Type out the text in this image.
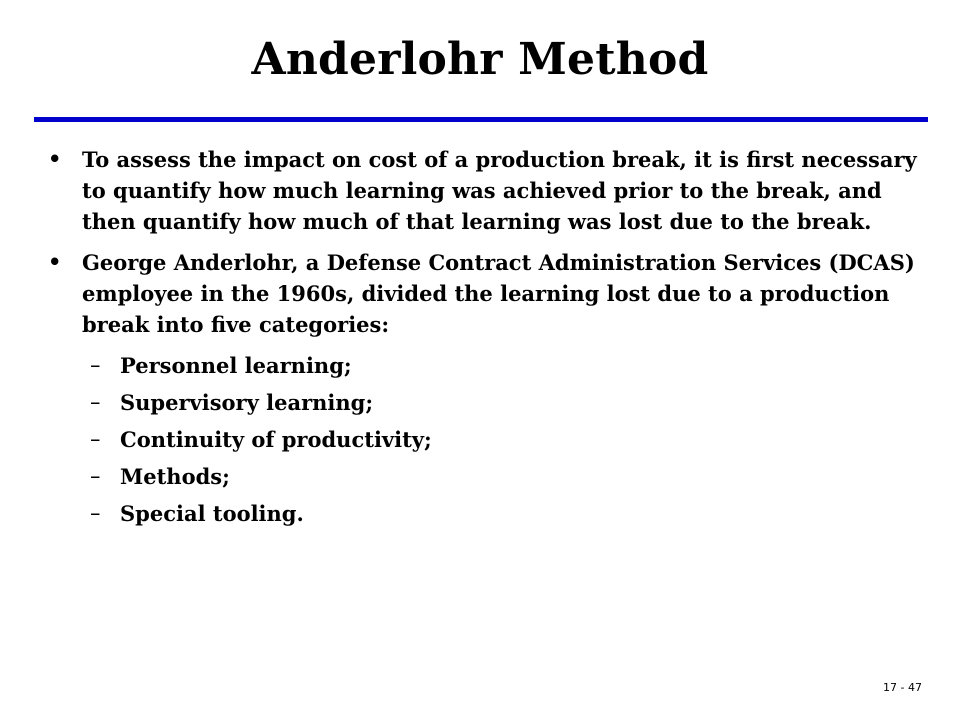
Anderlohr Method
• To assess the impact on cost of a production break, it is first necessary to quantify how much learning was achieved prior to the break, and then quantify how much of that learning was lost due to the break.
• George Anderlohr, a Defense Contract Administration Services (DCAS) employee in the 1960s, divided the learning lost due to a production break into five categories:
– Personnel learning;
– Supervisory learning;
– Continuity of productivity;
– Methods;
– Special tooling.
17 - 47
